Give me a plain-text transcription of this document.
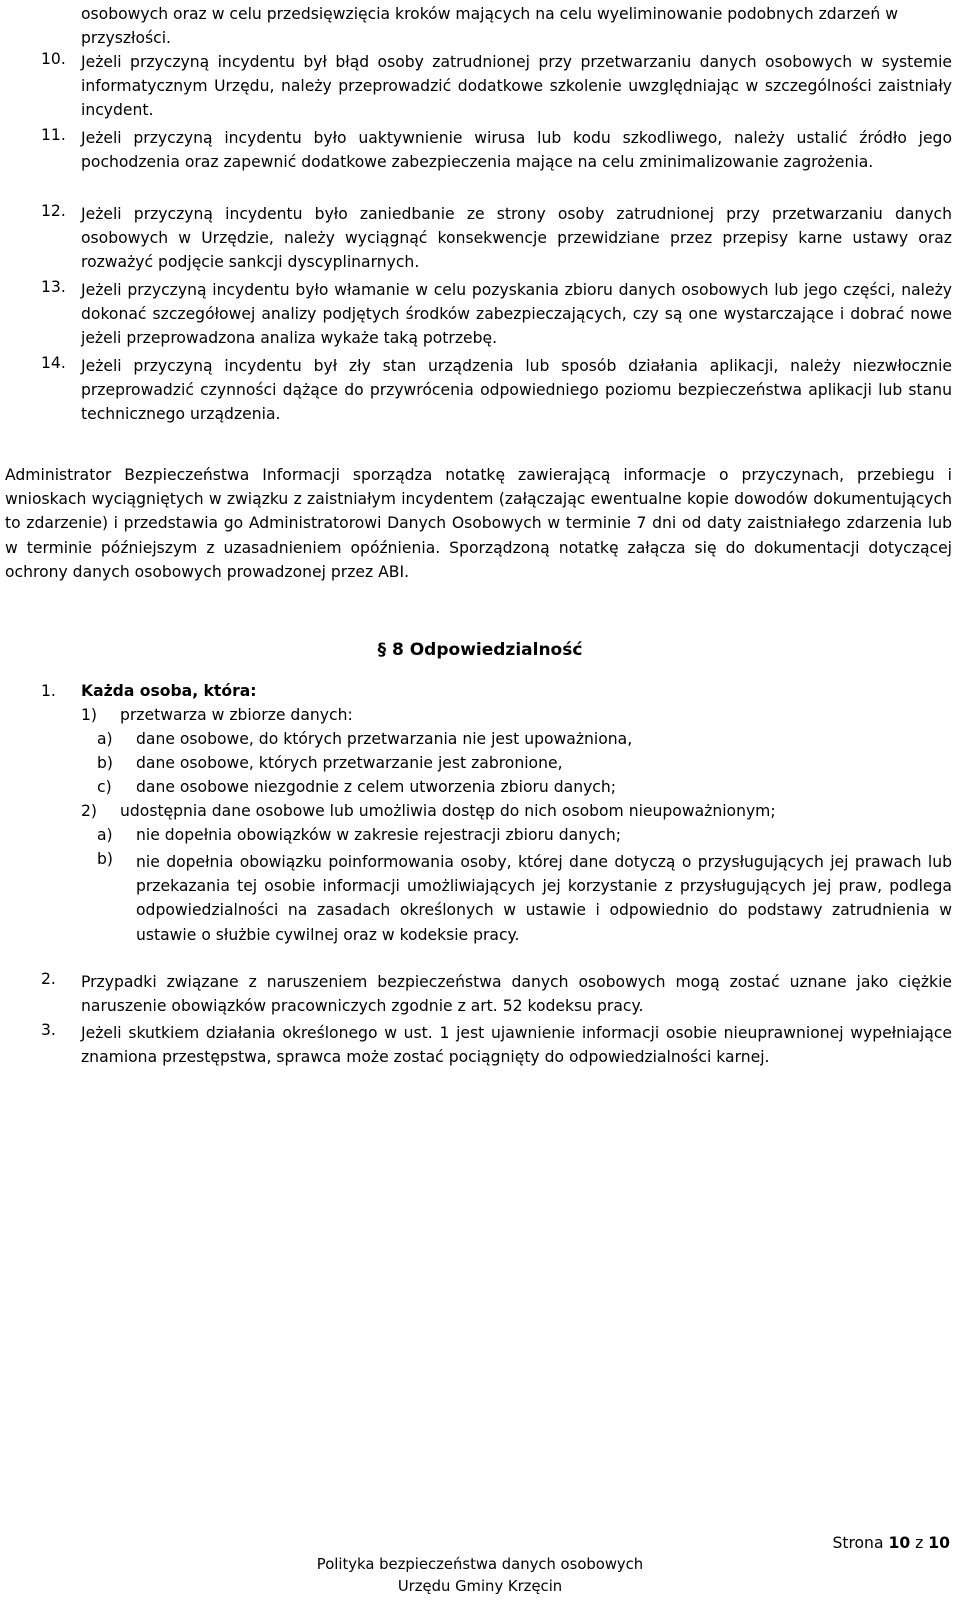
osobowych oraz w celu przedsięwzięcia kroków mających na celu wyeliminowanie podobnych zdarzeń w przyszłości.
10. Jeżeli przyczyną incydentu był błąd osoby zatrudnionej przy przetwarzaniu danych osobowych w systemie informatycznym Urzędu, należy przeprowadzić dodatkowe szkolenie uwzględniając w szczególności zaistniały incydent.
11. Jeżeli przyczyną incydentu było uaktywnienie wirusa lub kodu szkodliwego, należy ustalić źródło jego pochodzenia oraz zapewnić dodatkowe zabezpieczenia mające na celu zminimalizowanie zagrożenia.
12. Jeżeli przyczyną incydentu było zaniedbanie ze strony osoby zatrudnionej przy przetwarzaniu danych osobowych w Urzędzie, należy wyciągnąć konsekwencje przewidziane przez przepisy karne ustawy oraz rozważyć podjęcie sankcji dyscyplinarnych.
13. Jeżeli przyczyną incydentu było włamanie w celu pozyskania zbioru danych osobowych lub jego części, należy dokonać szczegółowej analizy podjętych środków zabezpieczających, czy są one wystarczające i dobrać nowe jeżeli przeprowadzona analiza wykaże taką potrzebę.
14. Jeżeli przyczyną incydentu był zły stan urządzenia lub sposób działania aplikacji, należy niezwłocznie przeprowadzić czynności dążące do przywrócenia odpowiedniego poziomu bezpieczeństwa aplikacji lub stanu technicznego urządzenia.
Administrator Bezpieczeństwa Informacji sporządza notatkę zawierającą informacje o przyczynach, przebiegu i wnioskach wyciągniętych w związku z zaistniałym incydentem (załączając ewentualne kopie dowodów dokumentujących to zdarzenie) i przedstawia go Administratorowi Danych Osobowych w terminie 7 dni od daty zaistniałego zdarzenia lub w terminie późniejszym z uzasadnieniem opóźnienia. Sporządzoną notatkę załącza się do dokumentacji dotyczącej ochrony danych osobowych prowadzonej przez ABI.
§ 8 Odpowiedzialność
1. Każda osoba, która:
1) przetwarza w zbiorze danych:
a) dane osobowe, do których przetwarzania nie jest upoważniona,
b) dane osobowe, których przetwarzanie jest zabronione,
c) dane osobowe niezgodnie z celem utworzenia zbioru danych;
2) udostępnia dane osobowe lub umożliwia dostęp do nich osobom nieupoważnionym;
a) nie dopełnia obowiązków w zakresie rejestracji zbioru danych;
b) nie dopełnia obowiązku poinformowania osoby, której dane dotyczą o przysługujących jej prawach lub przekazania tej osobie informacji umożliwiających jej korzystanie z przysługujących jej praw, podlega odpowiedzialności na zasadach określonych w ustawie i odpowiednio do podstawy zatrudnienia w ustawie o służbie cywilnej oraz w kodeksie pracy.
2. Przypadki związane z naruszeniem bezpieczeństwa danych osobowych mogą zostać uznane jako ciężkie naruszenie obowiązków pracowniczych zgodnie z art. 52 kodeksu pracy.
3. Jeżeli skutkiem działania określonego w ust. 1 jest ujawnienie informacji osobie nieuprawnionej wypełniające znamiona przestępstwa, sprawca może zostać pociągnięty do odpowiedzialności karnej.
Strona 10 z 10
Polityka bezpieczeństwa danych osobowych
Urzędu Gminy Krzęcin
